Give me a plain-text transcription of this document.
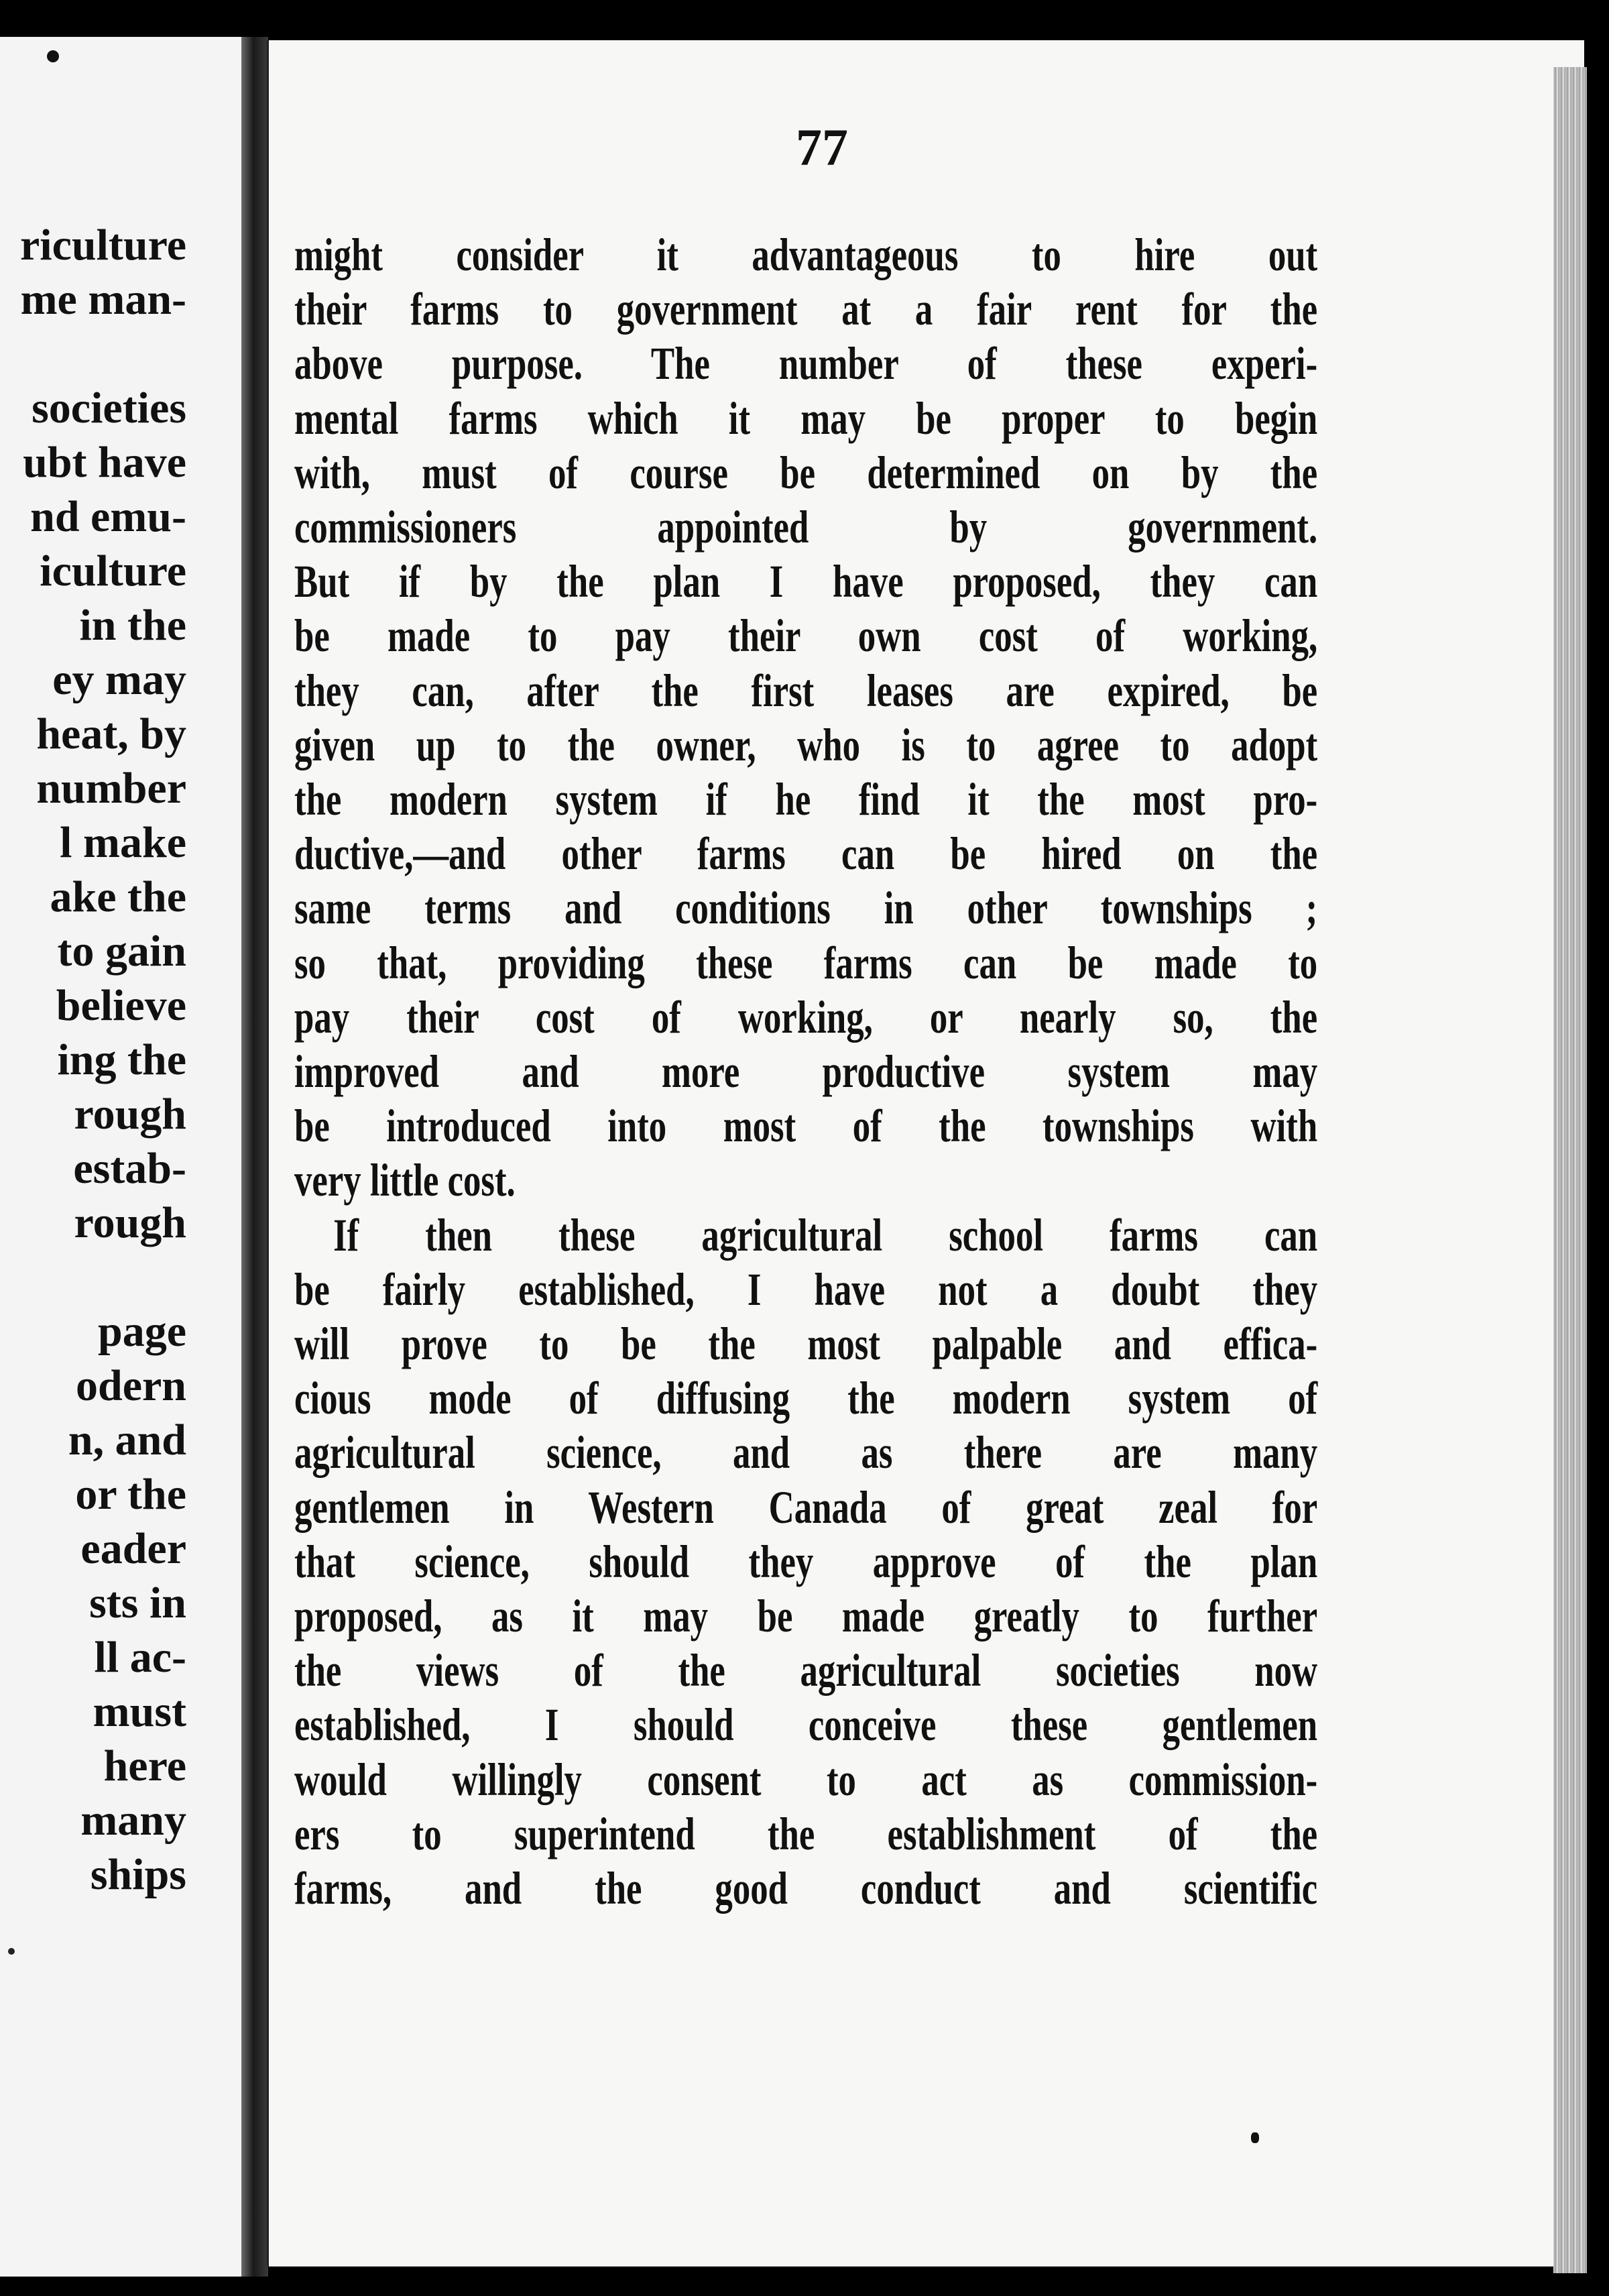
riculture
me man-
societies
ubt have
nd emu-
iculture
in the
ey may
heat, by
number
l make
ake the
to gain
believe
ing the
rough
estab-
rough
page
odern
n, and
or the
eader
sts in
ll ac-
must
here
many
ships
77
might consider it advantageous to hire out
their farms to government at a fair rent for the
above purpose. The number of these experi-
mental farms which it may be proper to begin
with, must of course be determined on by the
commissioners appointed by government.
But if by the plan I have proposed, they can
be made to pay their own cost of working,
they can, after the first leases are expired, be
given up to the owner, who is to agree to adopt
the modern system if he find it the most pro-
ductive,—and other farms can be hired on the
same terms and conditions in other townships ;
so that, providing these farms can be made to
pay their cost of working, or nearly so, the
improved and more productive system may
be introduced into most of the townships with
very little cost.
If then these agricultural school farms can
be fairly established, I have not a doubt they
will prove to be the most palpable and effica-
cious mode of diffusing the modern system of
agricultural science, and as there are many
gentlemen in Western Canada of great zeal for
that science, should they approve of the plan
proposed, as it may be made greatly to further
the views of the agricultural societies now
established, I should conceive these gentlemen
would willingly consent to act as commission-
ers to superintend the establishment of the
farms, and the good conduct and scientific
